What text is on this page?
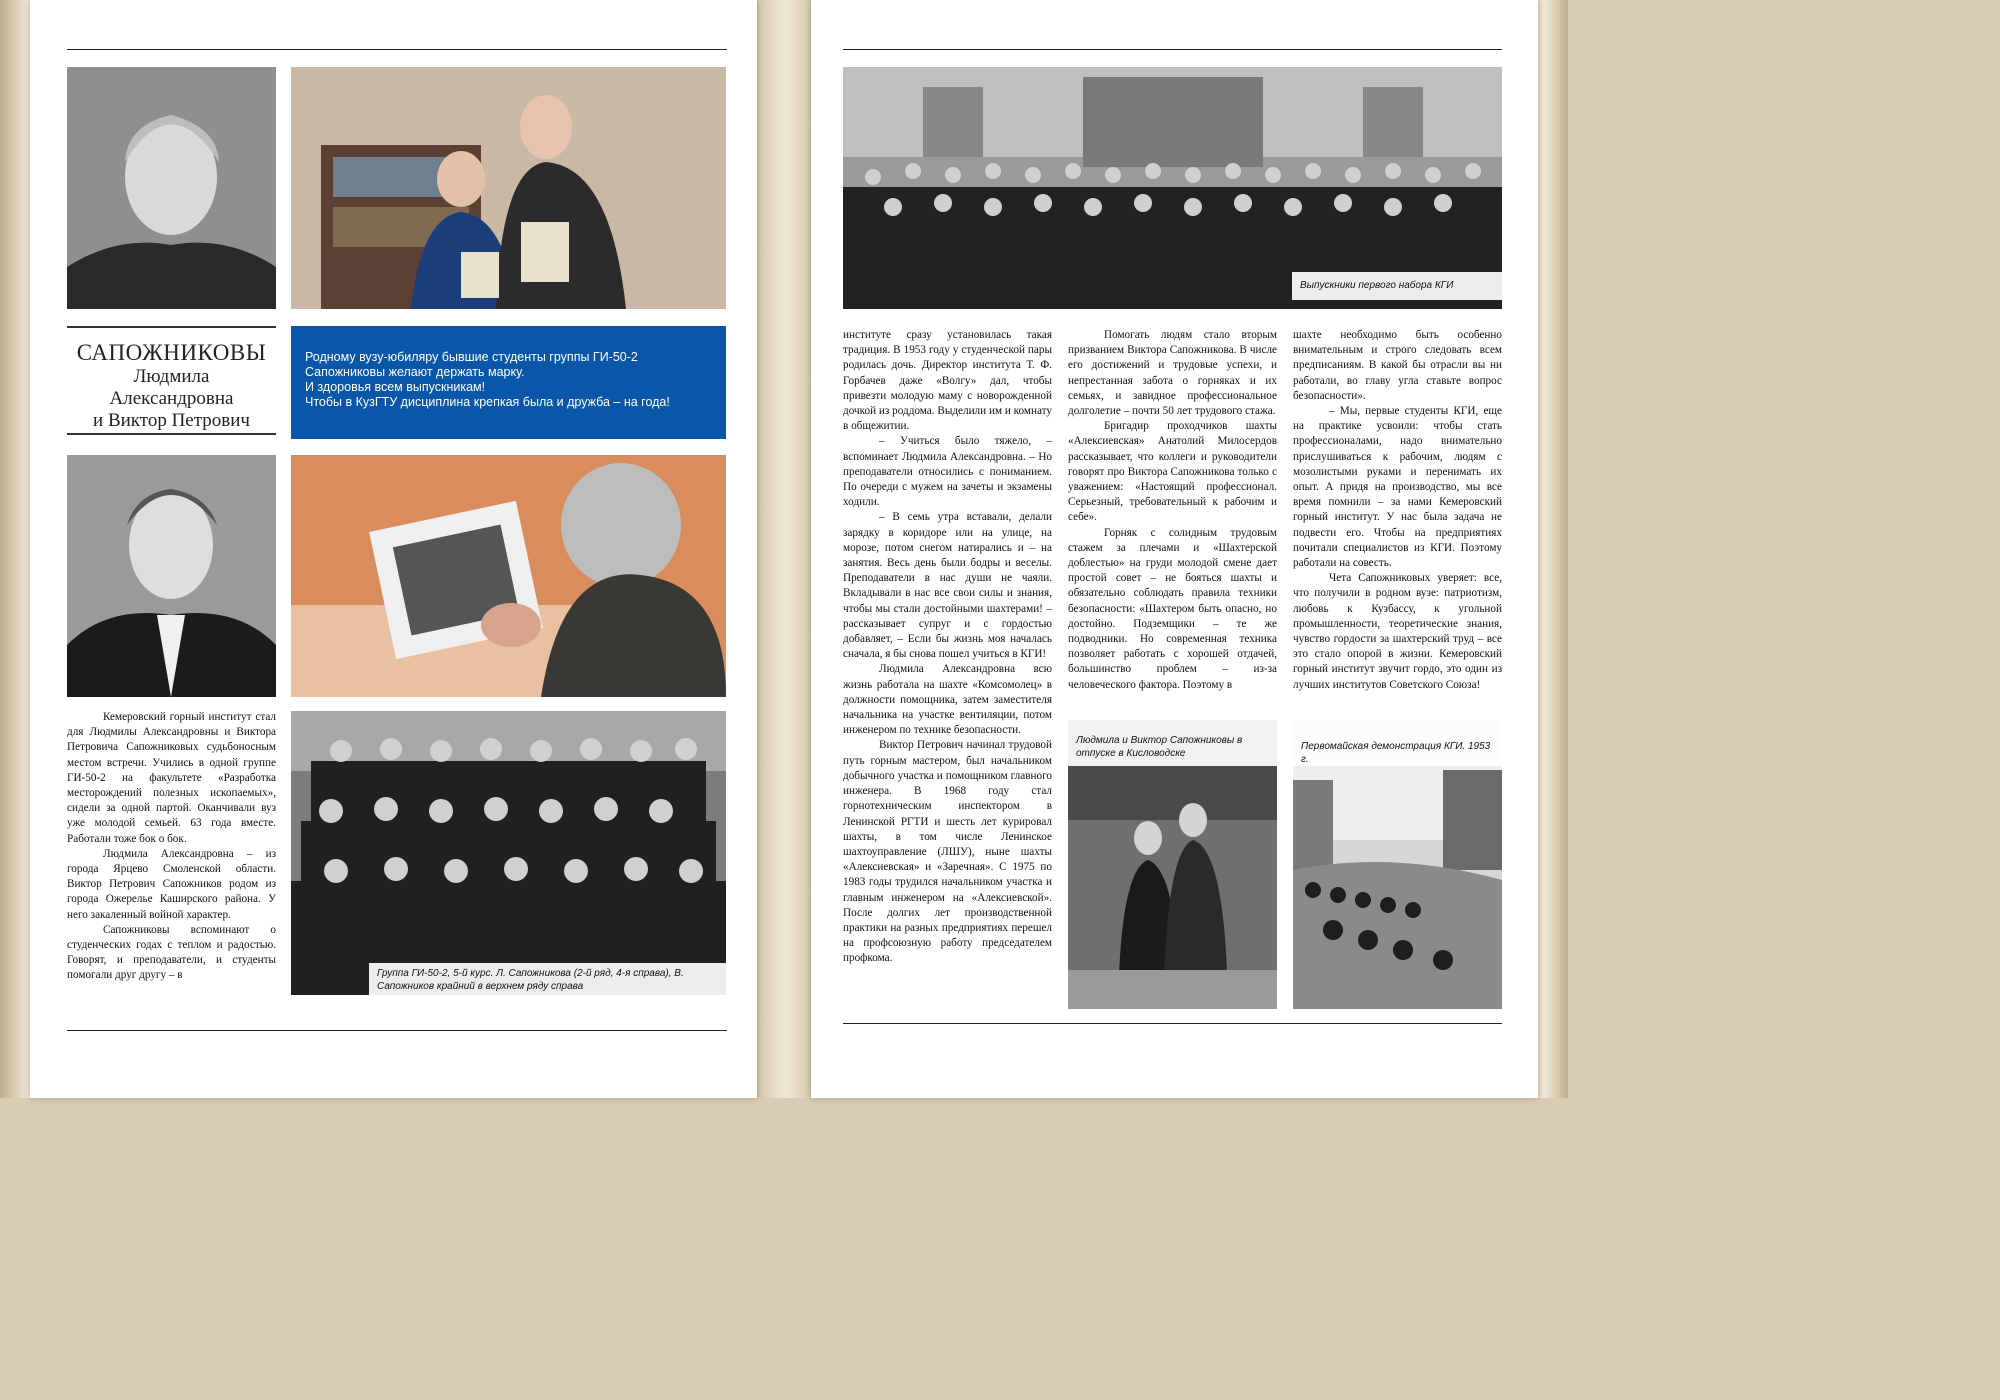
САПОЖНИКОВЫ
Людмила
Александровна
и Виктор Петрович

Родному вузу-юбиляру бывшие студенты группы ГИ-50-2

Сапожниковы желают держать марку.

И здоровья всем выпускникам!

Чтобы в КузГТУ дисциплина крепкая была и дружба – на года!

Группа ГИ-50-2, 5-й курс. Л. Сапожникова (2-й ряд, 4-я справа), В. Сапожников крайний в верхнем ряду справа

Кемеровский горный институт стал для Людмилы Александровны и Виктора Петровича Сапожниковых судьбоносным местом встречи. Учились в одной группе ГИ-50-2 на факультете «Разработка месторождений полезных ископаемых», сидели за одной партой. Оканчивали вуз уже молодой семьей. 63 года вместе. Работали тоже бок о бок.

Людмила Александровна – из города Ярцево Смоленской области. Виктор Петрович Сапожников родом из города Ожерелье Каширского района. У него закаленный войной характер.

Сапожниковы вспоминают о студенческих годах с теплом и радостью. Говорят, и преподаватели, и студенты помогали друг другу – в

Выпускники первого набора КГИ

институте сразу установилась такая традиция. В 1953 году у студенческой пары родилась дочь. Директор института Т. Ф. Горбачев даже «Волгу» дал, чтобы привезти молодую маму с новорожденной дочкой из роддома. Выделили им и комнату в общежитии.

– Учиться было тяжело, – вспоминает Людмила Александровна. – Но преподаватели относились с пониманием. По очереди с мужем на зачеты и экзамены ходили.

– В семь утра вставали, делали зарядку в коридоре или на улице, на морозе, потом снегом натирались и – на занятия. Весь день были бодры и веселы. Преподаватели в нас души не чаяли. Вкладывали в нас все свои силы и знания, чтобы мы стали достойными шахтерами! – рассказывает супруг и с гордостью добавляет, – Если бы жизнь моя началась сначала, я бы снова пошел учиться в КГИ!

Людмила Александровна всю жизнь работала на шахте «Комсомолец» в должности помощника, затем заместителя начальника на участке вентиляции, потом инженером по технике безопасности.

Виктор Петрович начинал трудовой путь горным мастером, был начальником добычного участка и помощником главного инженера. В 1968 году стал горнотехническим инспектором в Ленинской РГТИ и шесть лет курировал шахты, в том числе Ленинское шахтоуправление (ЛШУ), ныне шахты «Алексиевская» и «Заречная». С 1975 по 1983 годы трудился начальником участка и главным инженером на «Алексиевской». После долгих лет производственной практики на разных предприятиях перешел на профсоюзную работу председателем профкома.

Помогать людям стало вторым призванием Виктора Сапожникова. В числе его достижений и трудовые успехи, и непрестанная забота о горняках и их семьях, и завидное профессиональное долголетие – почти 50 лет трудового стажа.

Бригадир проходчиков шахты «Алексиевская» Анатолий Милосердов рассказывает, что коллеги и руководители говорят про Виктора Сапожникова только с уважением: «Настоящий профессионал. Серьезный, требовательный к рабочим и себе».

Горняк с солидным трудовым стажем за плечами и «Шахтерской доблестью» на груди молодой смене дает простой совет – не бояться шахты и обязательно соблюдать правила техники безопасности: «Шахтером быть опасно, но достойно. Подземщики – те же подводники. Но современная техника позволяет работать с хорошей отдачей, большинство проблем – из-за человеческого фактора. Поэтому в

шахте необходимо быть особенно внимательным и строго следовать всем предписаниям. В какой бы отрасли вы ни работали, во главу угла ставьте вопрос безопасности».

– Мы, первые студенты КГИ, еще на практике усвоили: чтобы стать профессионалами, надо внимательно прислушиваться к рабочим, людям с мозолистыми руками и перенимать их опыт. А придя на производство, мы все время помнили – за нами Кемеровский горный институт. У нас была задача не подвести его. Чтобы на предприятиях почитали специалистов из КГИ. Поэтому работали на совесть.

Чета Сапожниковых уверяет: все, что получили в родном вузе: патриотизм, любовь к Кузбассу, к угольной промышленности, теоретические знания, чувство гордости за шахтерский труд – все это стало опорой в жизни. Кемеровский горный институт звучит гордо, это один из лучших институтов Советского Союза!

Людмила и Виктор Сапожниковы в отпуске в Кисловодске
Первомайская демонстрация КГИ. 1953 г.
